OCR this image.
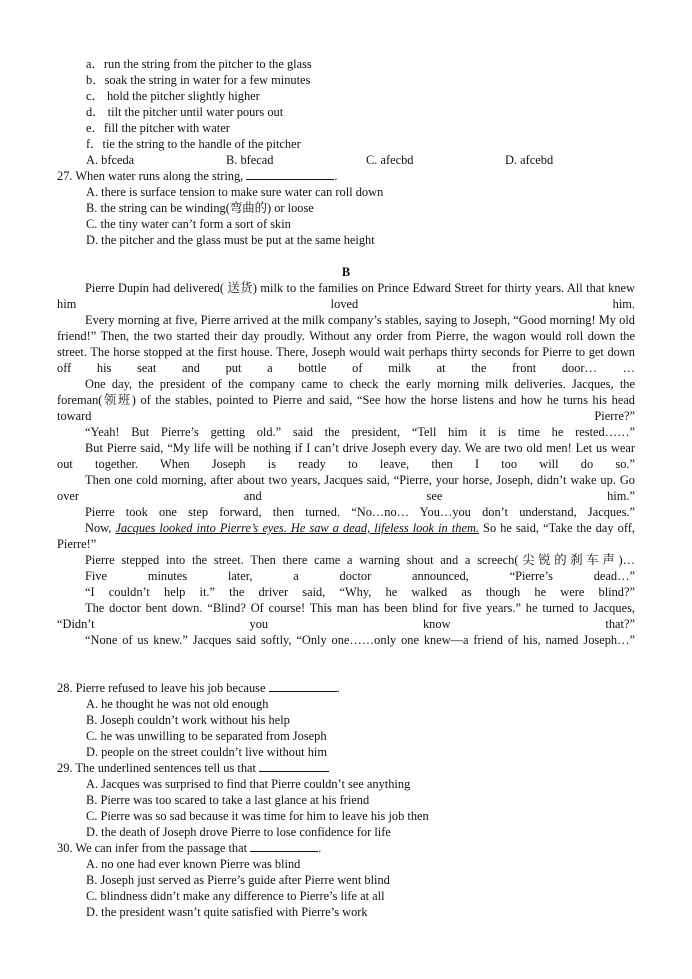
a．run the string from the pitcher to the glass
b．soak the string in water for a few minutes
c． hold the pitcher slightly higher
d． tilt the pitcher until water pours out
e．fill the pitcher with water
f．tie the string to the handle of the pitcher
A. bfceda	B. bfecad	C. afecbd	D. afcebd
27. When water runs along the string,	.
A. there is surface tension to make sure water can roll down
B. the string can be winding(弯曲的) or loose
C. the tiny water can’t form a sort of skin
D. the pitcher and the glass must be put at the same height
B
Pierre Dupin had delivered( 送货) milk to the families on Prince Edward Street for thirty years. All that knew him loved him.
Every morning at five, Pierre arrived at the milk company’s stables, saying to Joseph, “Good morning! My old friend!” Then, the two started their day proudly. Without any order from Pierre, the wagon would roll down the street. The horse stopped at the first house. There, Joseph would wait perhaps thirty seconds for Pierre to get down off his seat and put a bottle of milk at the front door… …
One day, the president of the company came to check the early morning milk deliveries. Jacques, the foreman(领班) of the stables, pointed to Pierre and said, “See how the horse listens and how he turns his head toward Pierre?”
“Yeah! But Pierre’s getting old.” said the president, “Tell him it is time he rested……”
But Pierre said, “My life will be nothing if I can’t drive Joseph every day. We are two old men! Let us wear out together. When Joseph is ready to leave, then I too will do so.”
Then one cold morning, after about two years, Jacques said, “Pierre, your horse, Joseph, didn’t wake up. Go over and see him.”
Pierre took one step forward, then turned. “No…no… You…you don’t understand, Jacques.”
Now, Jacques looked into Pierre’s eyes. He saw a dead, lifeless look in them. So he said, “Take the day off, Pierre!”
Pierre stepped into the street. Then there came a warning shout and a screech(尖锐的刹车声)…
Five minutes later, a doctor announced, “Pierre’s dead…”
“I couldn’t help it.” the driver said, “Why, he walked as though he were blind?”
The doctor bent down. “Blind? Of course! This man has been blind for five years.” he turned to Jacques, “Didn’t you know that?”
“None of us knew.” Jacques said softly, “Only one……only one knew—a friend of his, named Joseph…”
28. Pierre refused to leave his job because	.
A. he thought he was not old enough
B. Joseph couldn’t work without his help
C. he was unwilling to be separated from Joseph
D. people on the street couldn’t live without him
29. The underlined sentences tell us that
A. Jacques was surprised to find that Pierre couldn’t see anything
B. Pierre was too scared to take a last glance at his friend
C. Pierre was so sad because it was time for him to leave his job then
D. the death of Joseph drove Pierre to lose confidence for life
30. We can infer from the passage that	.
A. no one had ever known Pierre was blind
B. Joseph just served as Pierre’s guide after Pierre went blind
C. blindness didn’t make any difference to Pierre’s life at all
D. the president wasn’t quite satisfied with Pierre’s work
